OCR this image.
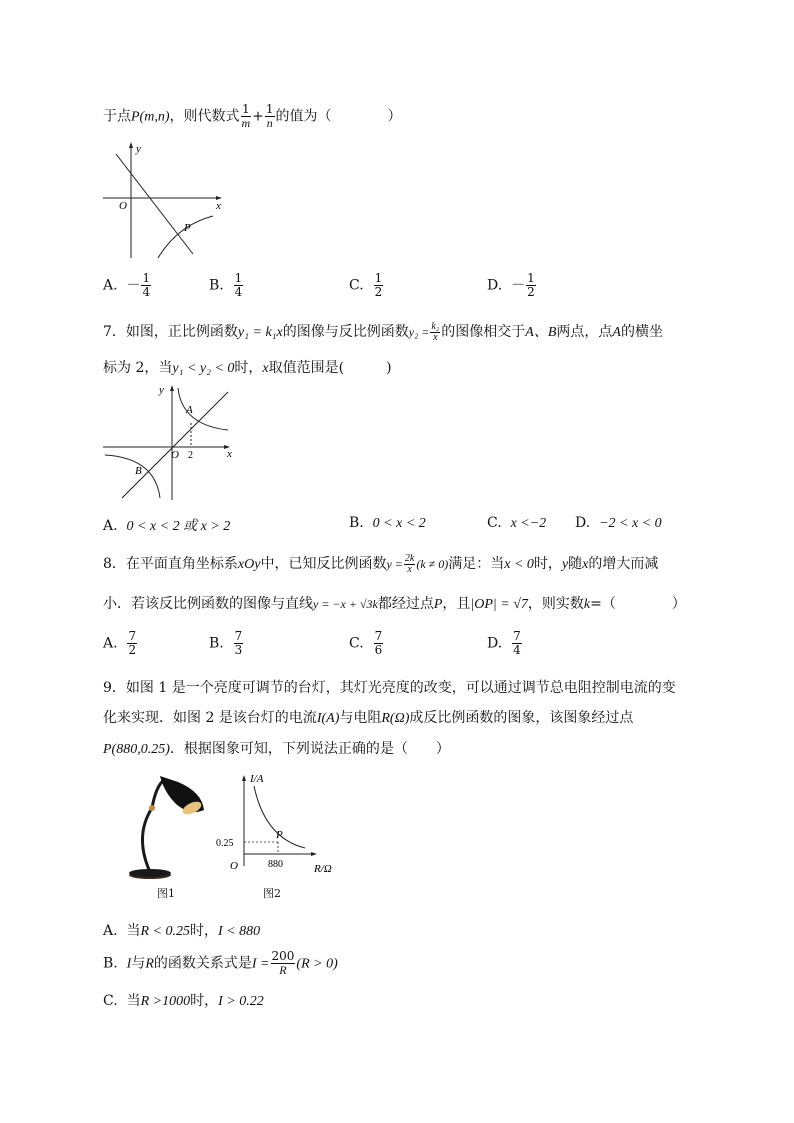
于点P(m,n)，则代数式 $\frac{1}{m} + \frac{1}{n}$ 的值为（　　　　）
y
x
O
P
A. － $\frac{1}{4}$	B. $\frac{1}{4}$	C. $\frac{1}{2}$	D. － $\frac{1}{2}$
7．如图，正比例函数y₁ = k₁x的图像与反比例函数$y_2 = \frac{\text{k₂}}{x}$ 的图像相交于A、B两点，点A的横坐
标为 2，当y₁ < y₂ < 0时，x取值范围是(　　　)
y
x
O
A
B
2
A. 0 < x < 2 或 x > 2	B. 0 < x < 2	C. x <−2 D. −2 < x < 0
8．在平面直角坐标系xOy中，已知反比例函数$y = \frac{2k}{x} (k \ne 0)$满足：当x < 0时，y随x的增大而减
小．若该反比例函数的图像与直线y = −x + √3k都经过点P，且|OP| = √7，则实数k=（　　　　）
A. $\frac{7}{2}$	B. $\frac{7}{3}$	C. $\frac{7}{6}$	D. $\frac{7}{4}$
9．如图 1 是一个亮度可调节的台灯，其灯光亮度的改变，可以通过调节总电阻控制电流的变
化来实现．如图 2 是该台灯的电流I(A)与电阻R(Ω)成反比例函数的图象，该图象经过点
P(880,0.25)．根据图象可知，下列说法正确的是（　　）
图1
I/A
R/Ω
O
P
0.25
880
图2
A. 当R < 0.25时，I < 880
B. I与R的函数关系式是$I = \frac{200}{R} (R > 0)$
C. 当R >1000时，I > 0.22
